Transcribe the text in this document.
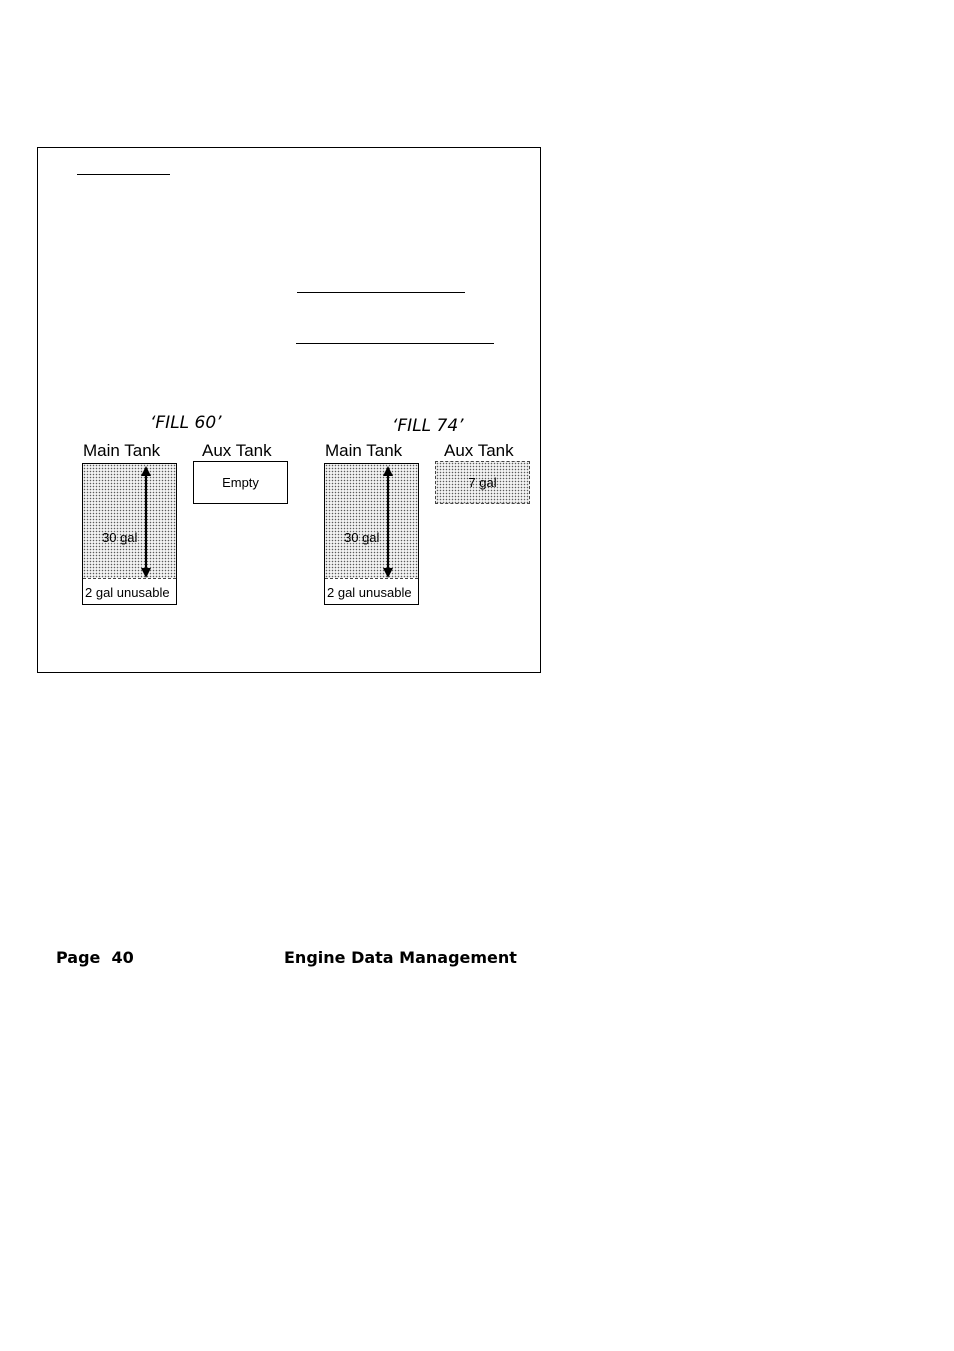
‘FILL 60’
Main Tank Aux Tank
30 gal
2 gal unusable
Empty
‘FILL 74’
Main Tank Aux Tank
30 gal
2 gal unusable
7 gal
Page  40	Engine Data Management
